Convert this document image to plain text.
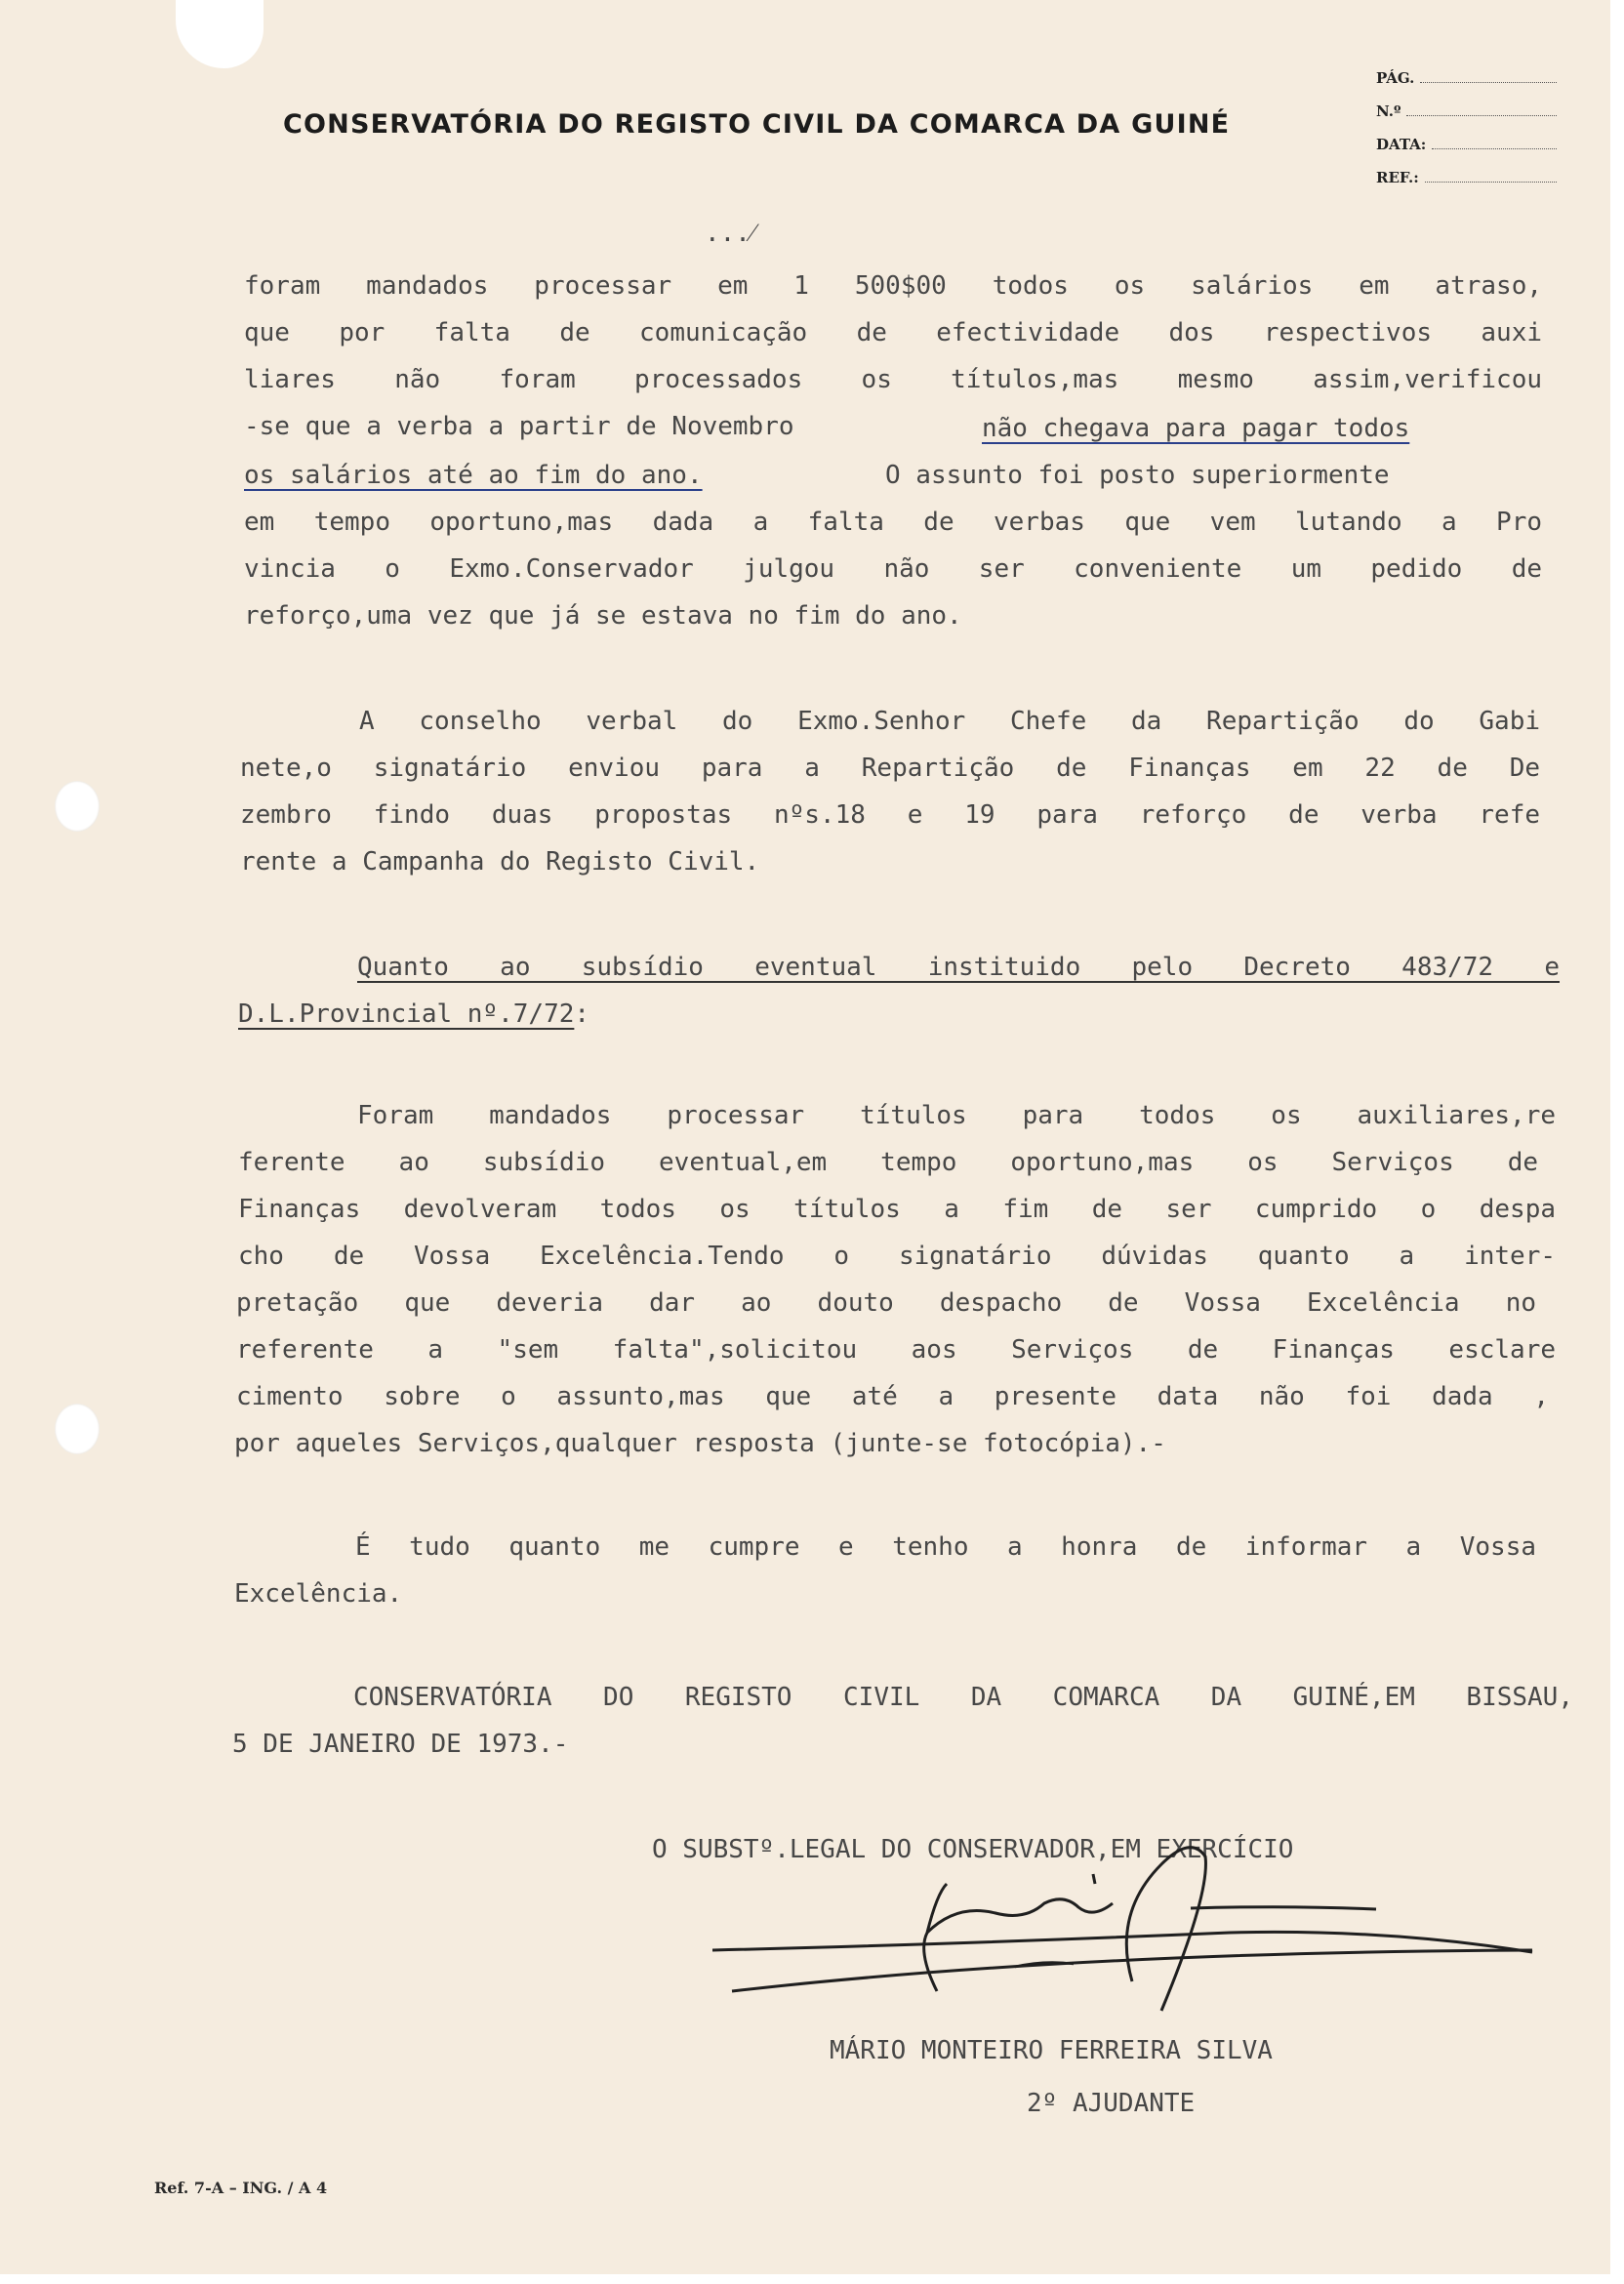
CONSERVATÓRIA DO REGISTO CIVIL DA COMARCA DA GUINÉ
PÁG.
N.º
DATA:
REF.:
...⁄
foram mandados processar em 1 500$00 todos os salários em atraso,
que por falta de comunicação de efectividade dos respectivos auxi
liares não foram processados os títulos,mas mesmo assim,verificou
-se que a verba a partir de Novembro	não chegava para pagar todos
os salários até ao fim do ano.	O assunto foi posto superiormente
em tempo oportuno,mas dada a falta de verbas que vem lutando a Pro
vincia o Exmo.Conservador julgou não ser conveniente um pedido de
reforço,uma vez que já se estava no fim do ano.
A conselho verbal do Exmo.Senhor Chefe da Repartição do Gabi
nete,o signatário enviou para a Repartição de Finanças em 22 de De
zembro findo duas propostas nºs.18 e 19 para reforço de verba refe
rente a Campanha do Registo Civil.
Quanto ao subsídio eventual instituido pelo Decreto 483/72 e
D.L.Provincial nº.7/72:
Foram mandados processar títulos para todos os auxiliares,re
ferente ao subsídio eventual,em tempo oportuno,mas os Serviços de
Finanças devolveram todos os títulos a fim de ser cumprido o despa
cho de Vossa Excelência.Tendo o signatário dúvidas quanto a inter-
pretação que deveria dar ao douto despacho de Vossa Excelência no
referente a "sem falta",solicitou aos Serviços de Finanças esclare
cimento sobre o assunto,mas que até a presente data não foi dada ,
por aqueles Serviços,qualquer resposta (junte-se fotocópia).-
É tudo quanto me cumpre e tenho a honra de informar a Vossa
Excelência.
CONSERVATÓRIA DO REGISTO CIVIL DA COMARCA DA GUINÉ,EM BISSAU,
5 DE JANEIRO DE 1973.-
O SUBSTº.LEGAL DO CONSERVADOR,EM EXERCÍCIO
MÁRIO MONTEIRO FERREIRA SILVA
2º AJUDANTE
Ref. 7-A – ING. / A 4
